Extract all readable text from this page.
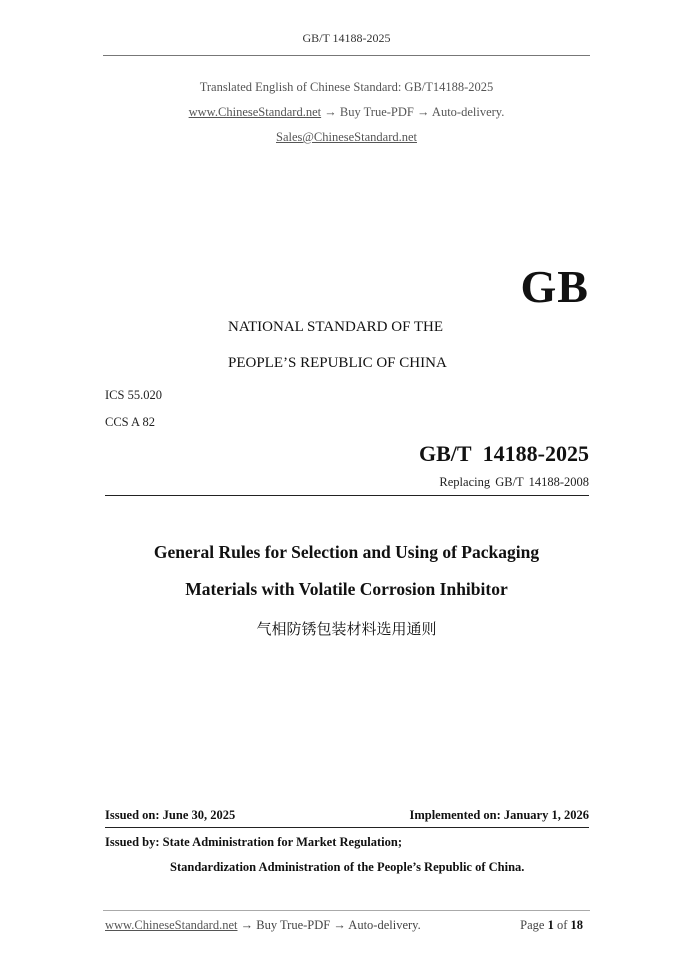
GB/T 14188-2025
Translated English of Chinese Standard: GB/T14188-2025
www.ChineseStandard.net → Buy True-PDF → Auto-delivery.
Sales@ChineseStandard.net
GB
NATIONAL STANDARD OF THE
PEOPLE’S REPUBLIC OF CHINA
ICS 55.020
CCS A 82
GB/T 14188-2025
Replacing GB/T 14188-2008
General Rules for Selection and Using of Packaging
Materials with Volatile Corrosion Inhibitor
气相防锈包装材料选用通则
Issued on: June 30, 2025	Implemented on: January 1, 2026
Issued by: State Administration for Market Regulation;
Standardization Administration of the People’s Republic of China.
www.ChineseStandard.net → Buy True-PDF → Auto-delivery.	Page 1 of 18
